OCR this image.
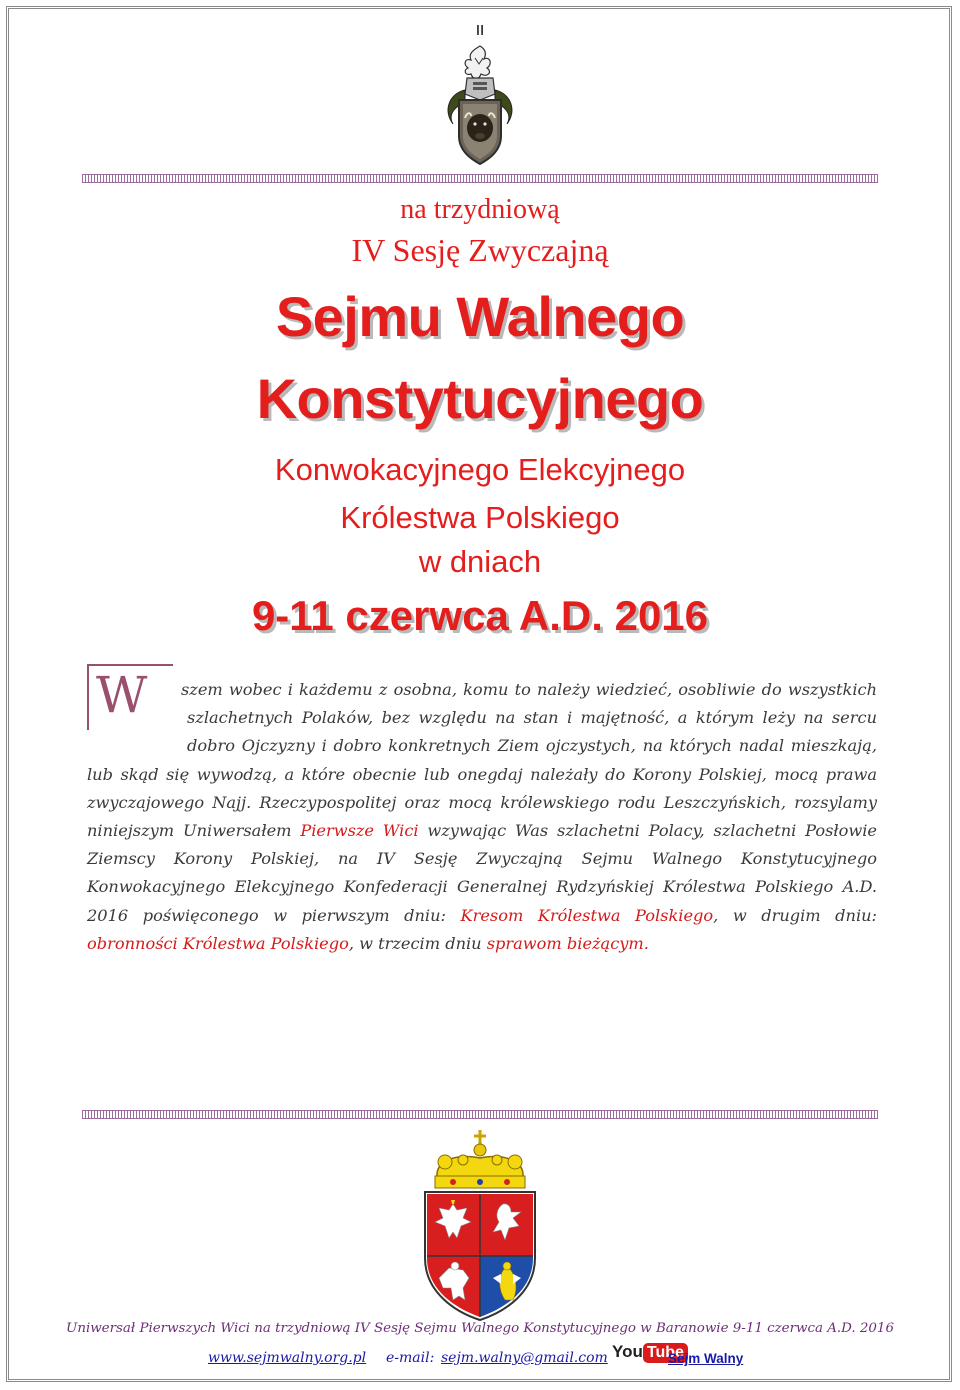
II
na trzydniową
IV Sesję Zwyczajną
Sejmu Walnego
Konstytucyjnego
Konwokacyjnego Elekcyjnego
Królestwa Polskiego
w dniach
9-11 czerwca A.D. 2016
W	szem wobec i każdemu z osobna, komu to należy wiedzieć, osobliwie do wszystkich szlachetnych Polaków, bez względu na stan i majętność, a którym leży na sercu dobro Ojczyzny i dobro konkretnych Ziem ojczystych, na których nadal mieszkają, lub skąd się wywodzą, a które obecnie lub onegdaj należały do Korony Polskiej, mocą prawa zwyczajowego Najj. Rzeczypospolitej oraz mocą królewskiego rodu Leszczyńskich, rozsylamy niniejszym Uniwersałem Pierwsze Wici wzywając Was szlachetni Polacy, szlachetni Posłowie Ziemscy Korony Polskiej, na IV Sesję Zwyczajną Sejmu Walnego Konstytucyjnego Konwokacyjnego Elekcyjnego Konfederacji Generalnej Rydzyńskiej Królestwa Polskiego A.D. 2016 poświęconego w pierwszym dniu: Kresom Królestwa Polskiego, w drugim dniu: obronności Królestwa Polskiego, w trzecim dniu sprawom bieżącym.
Uniwersał Pierwszych Wici na trzydniową IV Sesję Sejmu Walnego Konstytucyjnego w Baranowie 9-11 czerwca A.D. 2016
www.sejmwalny.org.pl e-mail: sejm.walny@gmail.com You Tube
Sejm Walny
